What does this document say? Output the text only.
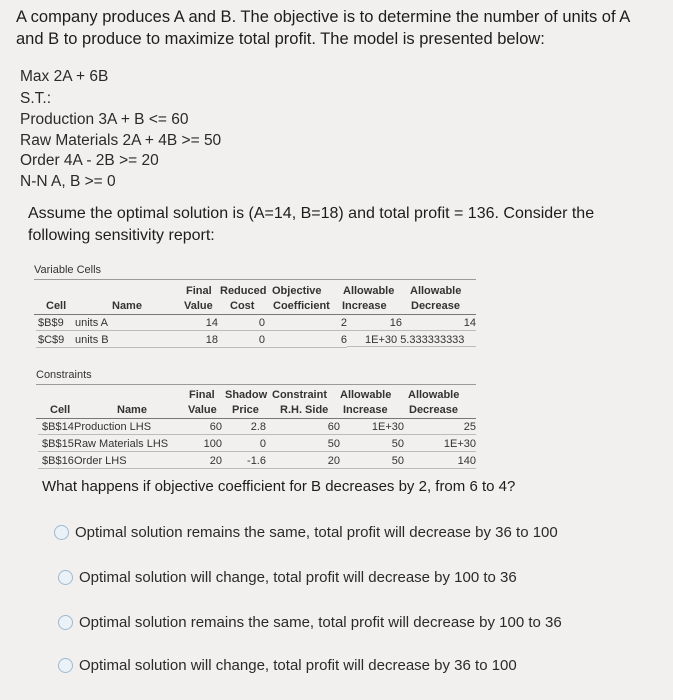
A company produces A and B. The objective is to determine the number of units of A
and B to produce to maximize total profit. The model is presented below:

Max 2A + 6B

S.T.:

Production 3A + B <= 60

Raw Materials 2A + 4B >= 50

Order 4A - 2B >= 20

N-N A, B >= 0

Assume the optimal solution is (A=14, B=18) and total profit = 136. Consider the
following sensitivity report:

Variable Cells
Final Reduced Objective Allowable Allowable
Cell	Name	Value Cost Coefficient Increase Decrease
$B$9 units A	14	0	2	16	14
$C$9 units B	18	0	6	1E+30 5.333333333
Constraints
Final Shadow Constraint Allowable Allowable
Cell	Name	Value Price R.H. Side Increase Decrease
$B$14 Production LHS	60	2.8	60	1E+30	25
$B$15 Raw Materials LHS	100	0	50	50	1E+30
$B$16 Order LHS	20	-1.6	20	50	140

What happens if objective coefficient for B decreases by 2, from 6 to 4?

Optimal solution remains the same, total profit will decrease by 36 to 100
Optimal solution will change, total profit will decrease by 100 to 36
Optimal solution remains the same, total profit will decrease by 100 to 36
Optimal solution will change, total profit will decrease by 36 to 100
